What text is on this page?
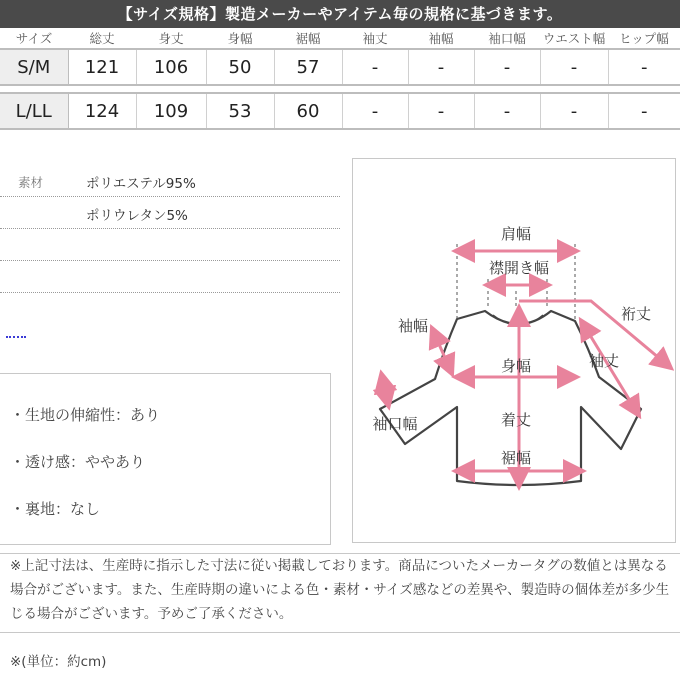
【サイズ規格】製造メーカーやアイテム毎の規格に基づきます。
サイズ	総丈	身丈	身幅	裾幅	袖丈	袖幅	袖口幅	ウエスト幅	ヒップ幅
S/M	121	106	50	57	-	-	-	-	-

L/LL	124	109	53	60	-	-	-	-	-
素材	ポリエステル95%
ポリウレタン5%
・生地の伸縮性：あり
・透け感：ややあり
・裏地：なし
肩幅
襟開き幅
裄丈
袖幅
袖丈
身幅
袖口幅	着丈
裾幅
※上記寸法は、生産時に指示した寸法に従い掲載しております。商品についたメーカータグの数値とは異なる場合がございます。また、生産時期の違いによる色・素材・サイズ感などの差異や、製造時の個体差が多少生じる場合がございます。予めご了承ください。
※(単位：約cm)
